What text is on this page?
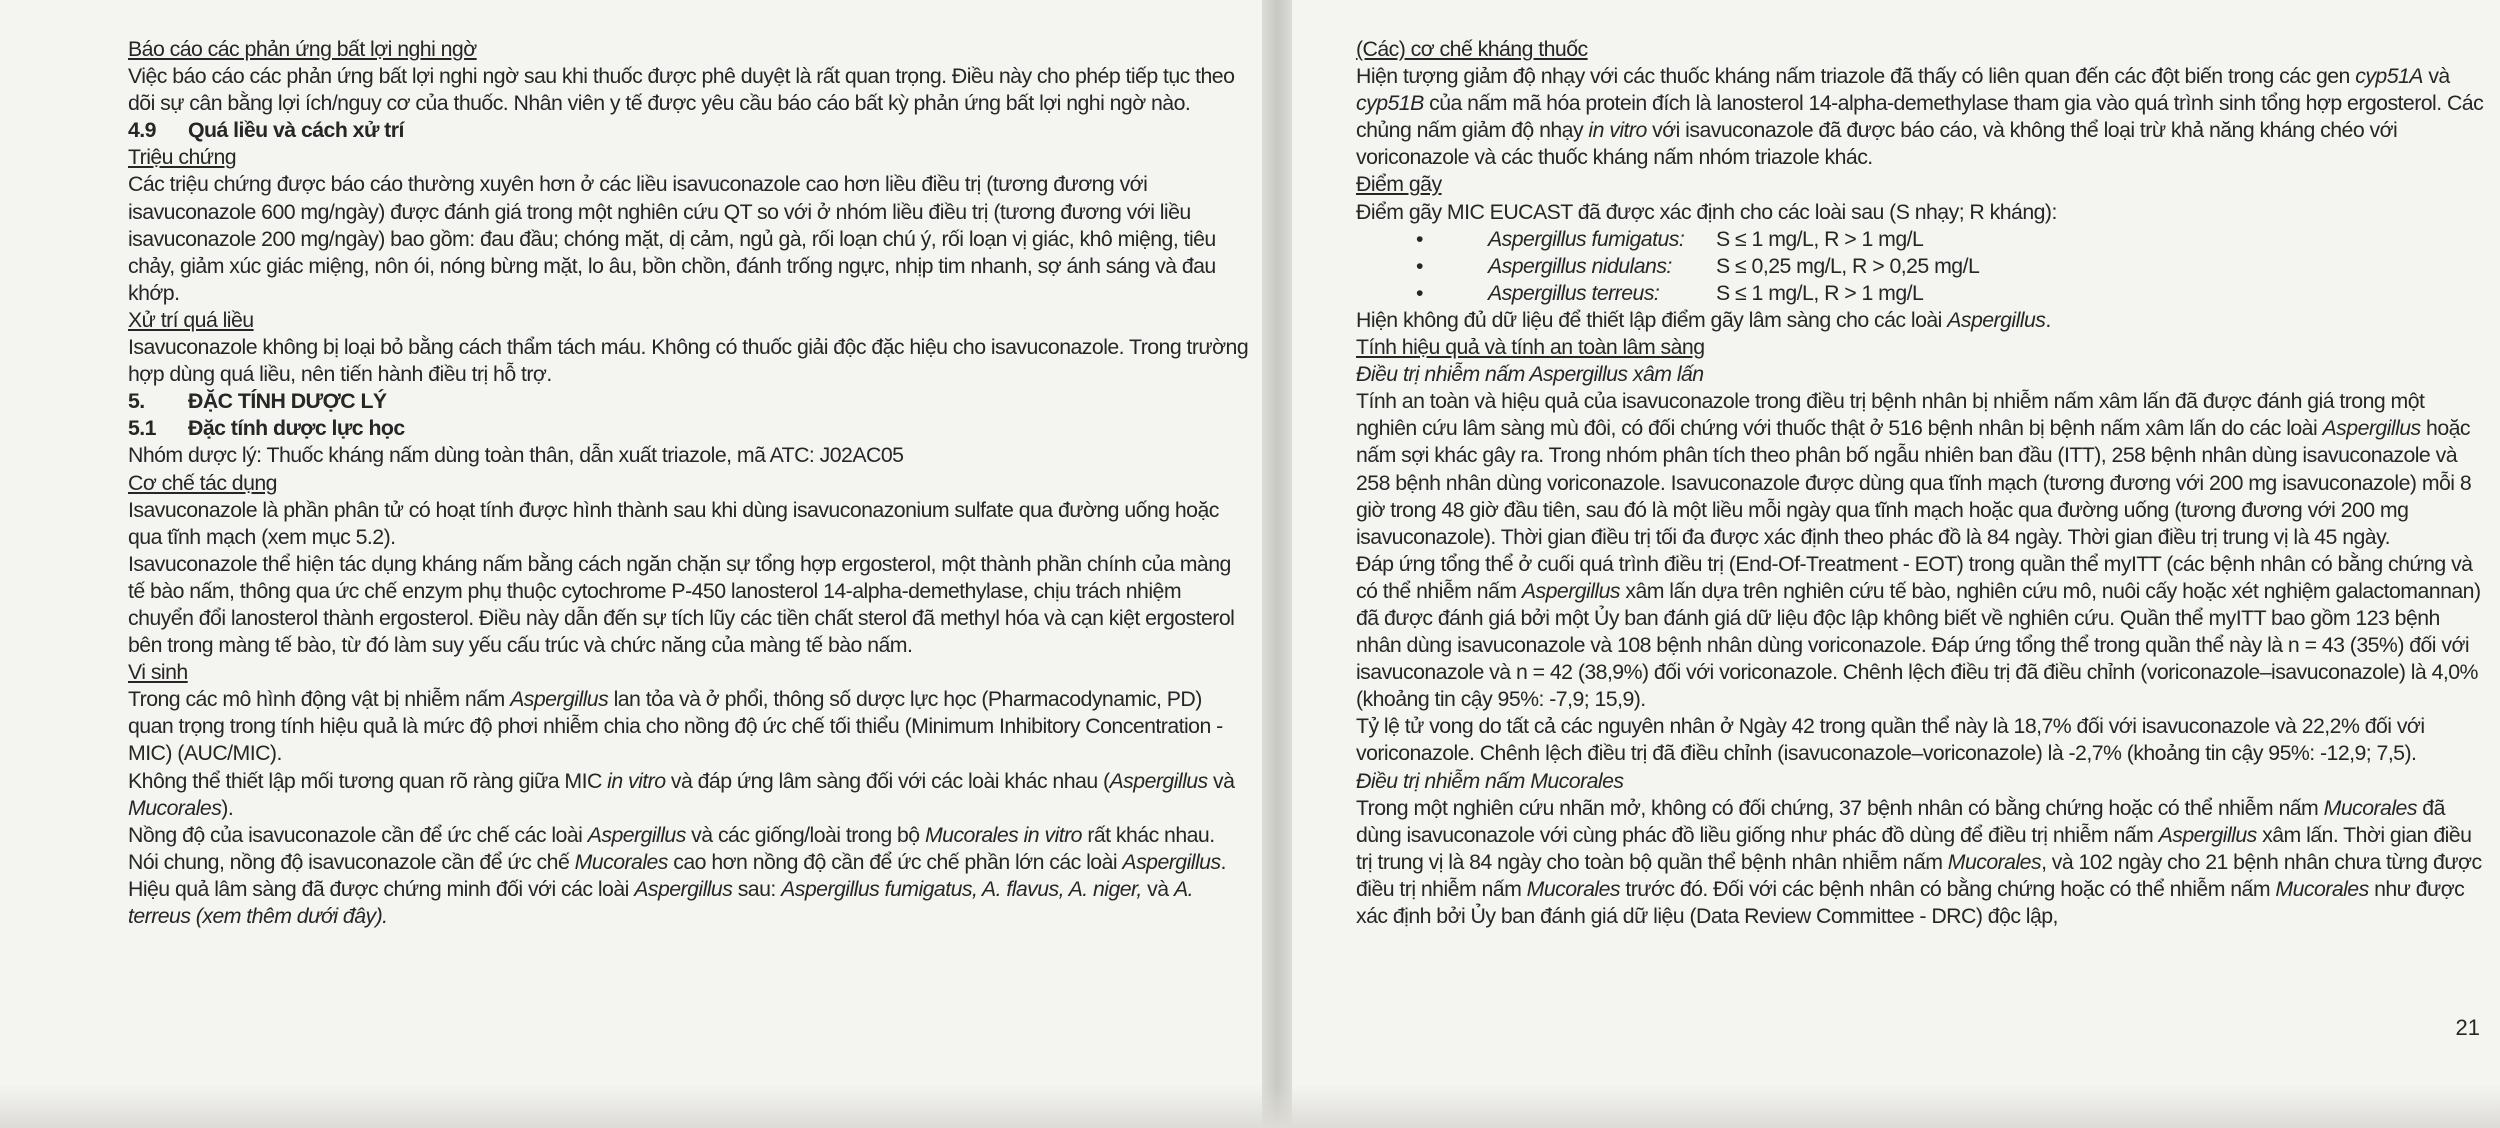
Báo cáo các phản ứng bất lợi nghi ngờ

Việc báo cáo các phản ứng bất lợi nghi ngờ sau khi thuốc được phê duyệt là rất quan trọng. Điều này cho phép tiếp tục theo dõi sự cân bằng lợi ích/nguy cơ của thuốc. Nhân viên y tế được yêu cầu báo cáo bất kỳ phản ứng bất lợi nghi ngờ nào.

4.9 Quá liều và cách xử trí

Triệu chứng

Các triệu chứng được báo cáo thường xuyên hơn ở các liều isavuconazole cao hơn liều điều trị (tương đương với isavuconazole 600 mg/ngày) được đánh giá trong một nghiên cứu QT so với ở nhóm liều điều trị (tương đương với liều isavuconazole 200 mg/ngày) bao gồm: đau đầu; chóng mặt, dị cảm, ngủ gà, rối loạn chú ý, rối loạn vị giác, khô miệng, tiêu chảy, giảm xúc giác miệng, nôn ói, nóng bừng mặt, lo âu, bồn chồn, đánh trống ngực, nhịp tim nhanh, sợ ánh sáng và đau khớp.

Xử trí quá liều

Isavuconazole không bị loại bỏ bằng cách thẩm tách máu. Không có thuốc giải độc đặc hiệu cho isavuconazole. Trong trường hợp dùng quá liều, nên tiến hành điều trị hỗ trợ.

5. ĐẶC TÍNH DƯỢC LÝ

5.1 Đặc tính dược lực học

Nhóm dược lý: Thuốc kháng nấm dùng toàn thân, dẫn xuất triazole, mã ATC: J02AC05

Cơ chế tác dụng

Isavuconazole là phần phân tử có hoạt tính được hình thành sau khi dùng isavuconazonium sulfate qua đường uống hoặc qua tĩnh mạch (xem mục 5.2).

Isavuconazole thể hiện tác dụng kháng nấm bằng cách ngăn chặn sự tổng hợp ergosterol, một thành phần chính của màng tế bào nấm, thông qua ức chế enzym phụ thuộc cytochrome P-450 lanosterol 14-alpha-demethylase, chịu trách nhiệm chuyển đổi lanosterol thành ergosterol. Điều này dẫn đến sự tích lũy các tiền chất sterol đã methyl hóa và cạn kiệt ergosterol bên trong màng tế bào, từ đó làm suy yếu cấu trúc và chức năng của màng tế bào nấm.

Vi sinh

Trong các mô hình động vật bị nhiễm nấm Aspergillus lan tỏa và ở phổi, thông số dược lực học (Pharmacodynamic, PD) quan trọng trong tính hiệu quả là mức độ phơi nhiễm chia cho nồng độ ức chế tối thiểu (Minimum Inhibitory Concentration - MIC) (AUC/MIC).

Không thể thiết lập mối tương quan rõ ràng giữa MIC in vitro và đáp ứng lâm sàng đối với các loài khác nhau (Aspergillus và Mucorales).

Nồng độ của isavuconazole cần để ức chế các loài Aspergillus và các giống/loài trong bộ Mucorales in vitro rất khác nhau. Nói chung, nồng độ isavuconazole cần để ức chế Mucorales cao hơn nồng độ cần để ức chế phần lớn các loài Aspergillus.

Hiệu quả lâm sàng đã được chứng minh đối với các loài Aspergillus sau: Aspergillus fumigatus, A. flavus, A. niger, và A. terreus (xem thêm dưới đây).

(Các) cơ chế kháng thuốc

Hiện tượng giảm độ nhạy với các thuốc kháng nấm triazole đã thấy có liên quan đến các đột biến trong các gen cyp51A và cyp51B của nấm mã hóa protein đích là lanosterol 14-alpha-demethylase tham gia vào quá trình sinh tổng hợp ergosterol. Các chủng nấm giảm độ nhạy in vitro với isavuconazole đã được báo cáo, và không thể loại trừ khả năng kháng chéo với voriconazole và các thuốc kháng nấm nhóm triazole khác.

Điểm gãy

Điểm gãy MIC EUCAST đã được xác định cho các loài sau (S nhạy; R kháng):

• Aspergillus fumigatus: S ≤ 1 mg/L, R > 1 mg/L
• Aspergillus nidulans: S ≤ 0,25 mg/L, R > 0,25 mg/L
• Aspergillus terreus:	S ≤ 1 mg/L, R > 1 mg/L

Hiện không đủ dữ liệu để thiết lập điểm gãy lâm sàng cho các loài Aspergillus.

Tính hiệu quả và tính an toàn lâm sàng

Điều trị nhiễm nấm Aspergillus xâm lấn

Tính an toàn và hiệu quả của isavuconazole trong điều trị bệnh nhân bị nhiễm nấm xâm lấn đã được đánh giá trong một nghiên cứu lâm sàng mù đôi, có đối chứng với thuốc thật ở 516 bệnh nhân bị bệnh nấm xâm lấn do các loài Aspergillus hoặc nấm sợi khác gây ra. Trong nhóm phân tích theo phân bố ngẫu nhiên ban đầu (ITT), 258 bệnh nhân dùng isavuconazole và 258 bệnh nhân dùng voriconazole. Isavuconazole được dùng qua tĩnh mạch (tương đương với 200 mg isavuconazole) mỗi 8 giờ trong 48 giờ đầu tiên, sau đó là một liều mỗi ngày qua tĩnh mạch hoặc qua đường uống (tương đương với 200 mg isavuconazole). Thời gian điều trị tối đa được xác định theo phác đồ là 84 ngày. Thời gian điều trị trung vị là 45 ngày.

Đáp ứng tổng thể ở cuối quá trình điều trị (End-Of-Treatment - EOT) trong quần thể myITT (các bệnh nhân có bằng chứng và có thể nhiễm nấm Aspergillus xâm lấn dựa trên nghiên cứu tế bào, nghiên cứu mô, nuôi cấy hoặc xét nghiệm galactomannan) đã được đánh giá bởi một Ủy ban đánh giá dữ liệu độc lập không biết về nghiên cứu. Quần thể myITT bao gồm 123 bệnh nhân dùng isavuconazole và 108 bệnh nhân dùng voriconazole. Đáp ứng tổng thể trong quần thể này là n = 43 (35%) đối với isavuconazole và n = 42 (38,9%) đối với voriconazole. Chênh lệch điều trị đã điều chỉnh (voriconazole–isavuconazole) là 4,0% (khoảng tin cậy 95%: -7,9; 15,9).

Tỷ lệ tử vong do tất cả các nguyên nhân ở Ngày 42 trong quần thể này là 18,7% đối với isavuconazole và 22,2% đối với voriconazole. Chênh lệch điều trị đã điều chỉnh (isavuconazole–voriconazole) là -2,7% (khoảng tin cậy 95%: -12,9; 7,5).

Điều trị nhiễm nấm Mucorales

Trong một nghiên cứu nhãn mở, không có đối chứng, 37 bệnh nhân có bằng chứng hoặc có thể nhiễm nấm Mucorales đã dùng isavuconazole với cùng phác đồ liều giống như phác đồ dùng để điều trị nhiễm nấm Aspergillus xâm lấn. Thời gian điều trị trung vị là 84 ngày cho toàn bộ quần thể bệnh nhân nhiễm nấm Mucorales, và 102 ngày cho 21 bệnh nhân chưa từng được điều trị nhiễm nấm Mucorales trước đó. Đối với các bệnh nhân có bằng chứng hoặc có thể nhiễm nấm Mucorales như được xác định bởi Ủy ban đánh giá dữ liệu (Data Review Committee - DRC) độc lập,

21
